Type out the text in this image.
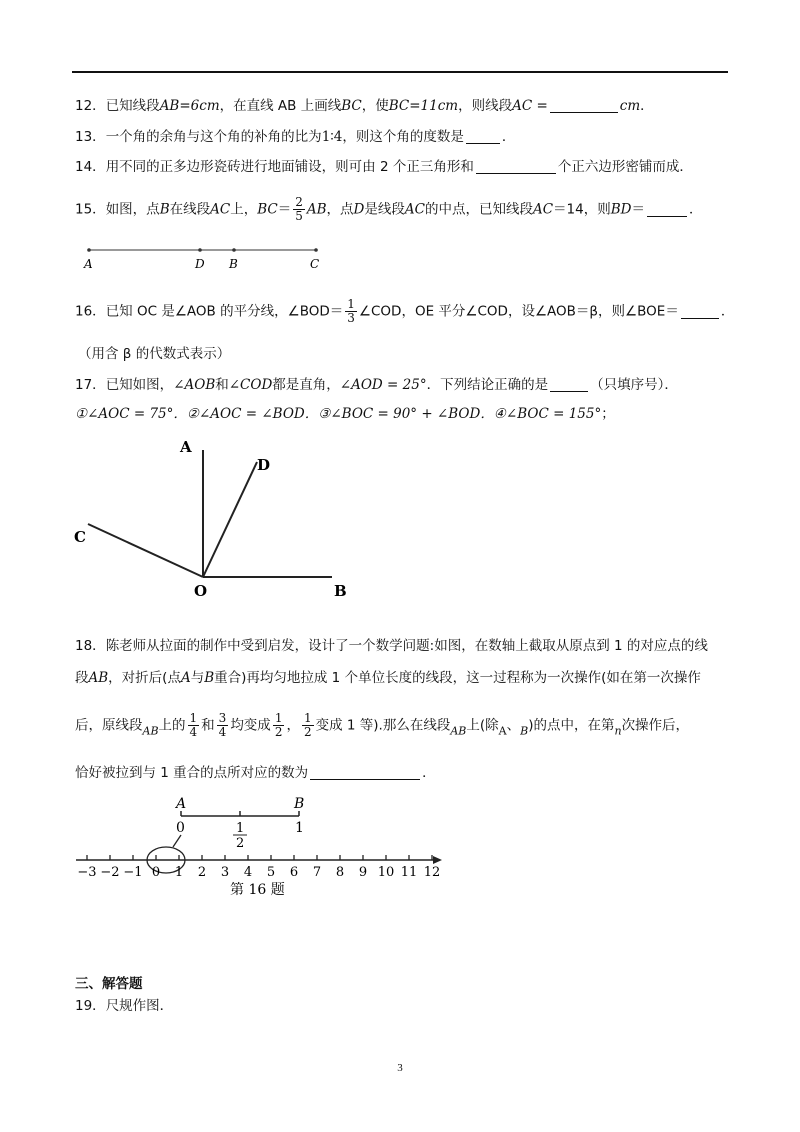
12．已知线段AB=6cm，在直线 AB 上画线BC，使BC=11cm，则线段AC =	cm．
13．一个角的余角与这个角的补角的比为1∶4，则这个角的度数是	．
14．用不同的正多边形瓷砖进行地面铺设，则可由 2 个正三角形和	个正六边形密铺而成．
15．如图，点B在线段AC上，$BC= \frac{2}{5}$ AB，点D是线段AC的中点，已知线段AC＝14，则BD＝	．
A	D B	C
16．已知 OC 是∠AOB 的平分线，∠BOD＝ $\frac{1}{3}$ ∠COD，OE 平分∠COD，设∠AOB＝β，则∠BOE＝	．
（用含 β 的代数式表示）
17．已知如图，∠AOB和∠COD都是直角，∠AOD = 25°．下列结论正确的是	（只填序号）．
①∠AOC = 75°．②∠AOC = ∠BOD．③∠BOC = 90° + ∠BOD．④∠BOC = 155°；
A
D
C
O	B
18．陈老师从拉面的制作中受到启发，设计了一个数学问题:如图，在数轴上截取从原点到 1 的对应点的线
段AB，对折后(点A与B重合)再均匀地拉成 1 个单位长度的线段，这一过程称为一次操作(如在第一次操作
后，原线段$_{AB}$上的 $\frac{1}{4}$ 和 $\frac{3}{4}$ 均变成 $\frac{1}{2}$ ， $\frac{1}{2}$ 变成 1 等).那么在线段$_{AB}$上(除$_A$、$_B$)的点中，在第$_n$次操作后，
恰好被拉到与 1 重合的点所对应的数为	．
A	B
0	1
1
2
−3 −2 −1 0 1 2 3 4 5 6 7 8 9 10 11 12
第 16 题
三、解答题
19．尺规作图．
3
